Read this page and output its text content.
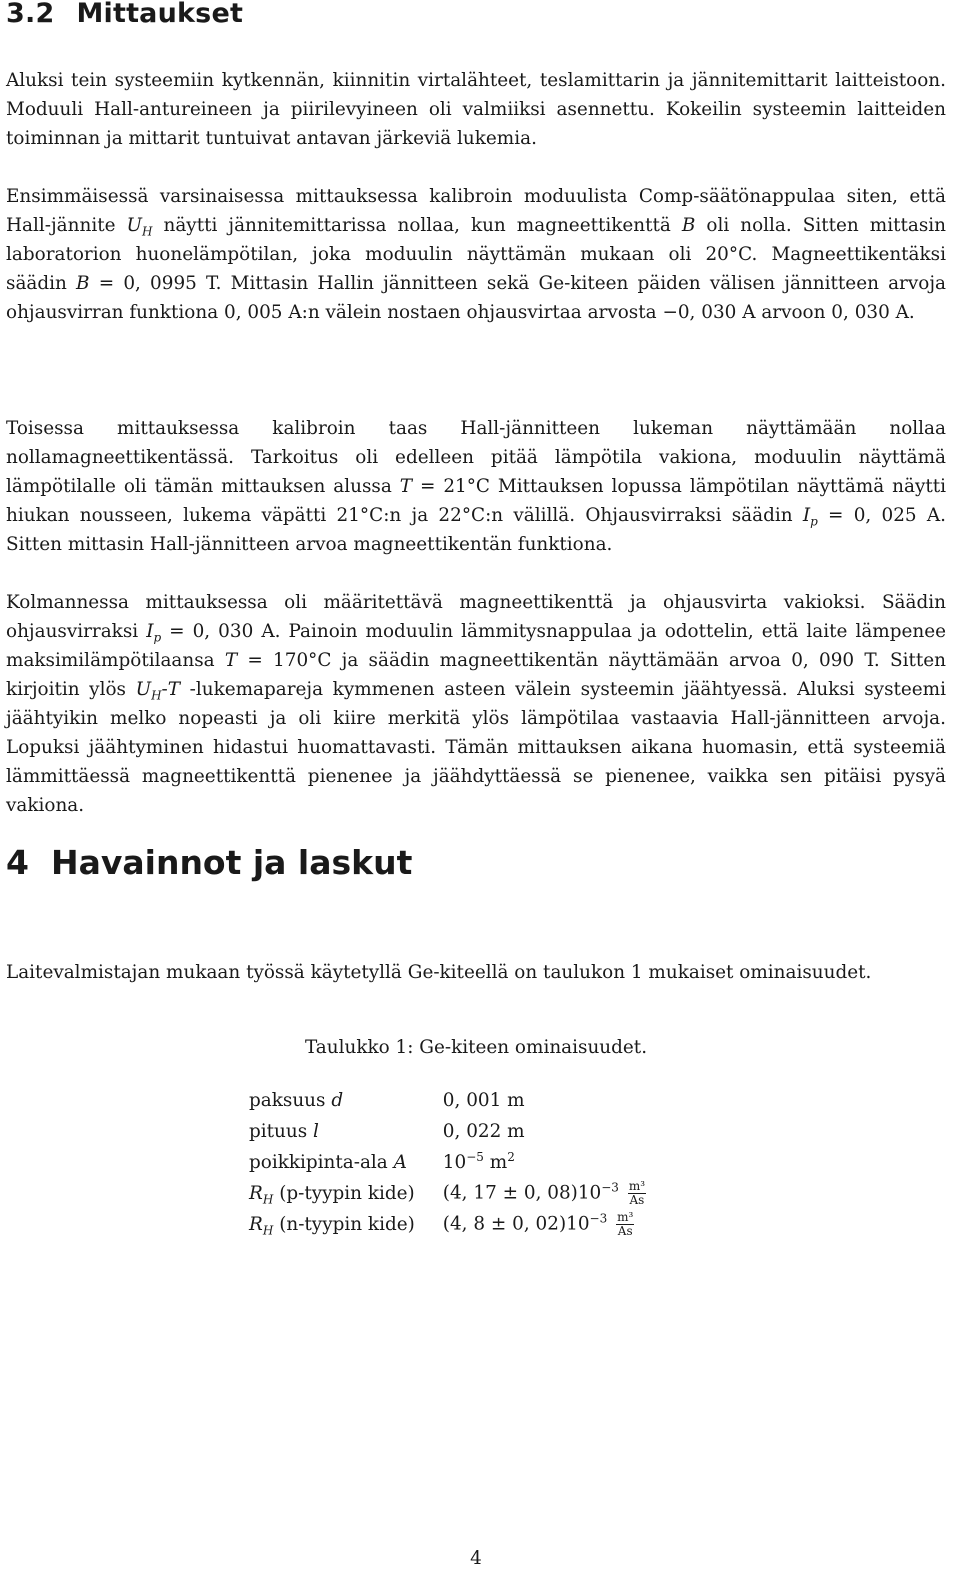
3.2 Mittaukset

Aluksi tein systeemiin kytkennän, kiinnitin virtalähteet, teslamittarin ja jännitemittarit laitteistoon. Moduuli Hall-antureineen ja piirilevyineen oli valmiiksi asennettu. Kokeilin systeemin laitteiden toiminnan ja mittarit tuntuivat antavan järkeviä lukemia.

Ensimmäisessä varsinaisessa mittauksessa kalibroin moduulista Comp-säätönappulaa siten, että Hall-jännite $U_H$ näytti jännitemittarissa nollaa, kun magneettikenttä B oli nolla. Sitten mittasin laboratorion huonelämpötilan, joka moduulin näyttämän mukaan oli 20°C. Magneettikentäksi säädin B = 0, 0995 T. Mittasin Hallin jännitteen sekä Ge-kiteen päiden välisen jännitteen arvoja ohjausvirran funktiona 0, 005 A:n välein nostaen ohjausvirtaa arvosta −0, 030 A arvoon 0, 030 A.

Toisessa mittauksessa kalibroin taas Hall-jännitteen lukeman näyttämään nollaa nollamagneettikentässä. Tarkoitus oli edelleen pitää lämpötila vakiona, moduulin näyttämä lämpötilalle oli tämän mittauksen alussa T = 21°C Mittauksen lopussa lämpötilan näyttämä näytti hiukan nousseen, lukema väpätti 21°C:n ja 22°C:n välillä. Ohjausvirraksi säädin $I_p = 0$, 025 A. Sitten mittasin Hall-jännitteen arvoa magneettikentän funktiona.

Kolmannessa mittauksessa oli määritettävä magneettikenttä ja ohjausvirta vakioksi. Säädin ohjausvirraksi $I_p = 0$, 030 A. Painoin moduulin lämmitysnappulaa ja odottelin, että laite lämpenee maksimilämpötilaansa T = 170°C ja säädin magneettikentän näyttämään arvoa 0, 090 T. Sitten kirjoitin ylös $U_H-T$ -lukemapareja kymmenen asteen välein systeemin jäähtyessä. Aluksi systeemi jäähtyikin melko nopeasti ja oli kiire merkitä ylös lämpötilaa vastaavia Hall-jännitteen arvoja. Lopuksi jäähtyminen hidastui huomattavasti. Tämän mittauksen aikana huomasin, että systeemiä lämmittäessä magneettikenttä pienenee ja jäähdyttäessä se pienenee, vaikka sen pitäisi pysyä vakiona.

4 Havainnot ja laskut

Laitevalmistajan mukaan työssä käytetyllä Ge-kiteellä on taulukon 1 mukaiset ominaisuudet.

Taulukko 1: Ge-kiteen ominaisuudet.

paksuus d	0, 001 m
pituus l	0, 022 m
poikkipinta-ala A	$10^{-5}$ $m^2$
$R_H$ (p-tyypin kide)	(4, 17 ± 0, $08)10^{-3} \frac{\text{m³}}{As}$

$R_H$ (n-tyypin kide)	(4, 8 ± 0, $02)10^{-3} \frac{\text{m³}}{As}$
4
